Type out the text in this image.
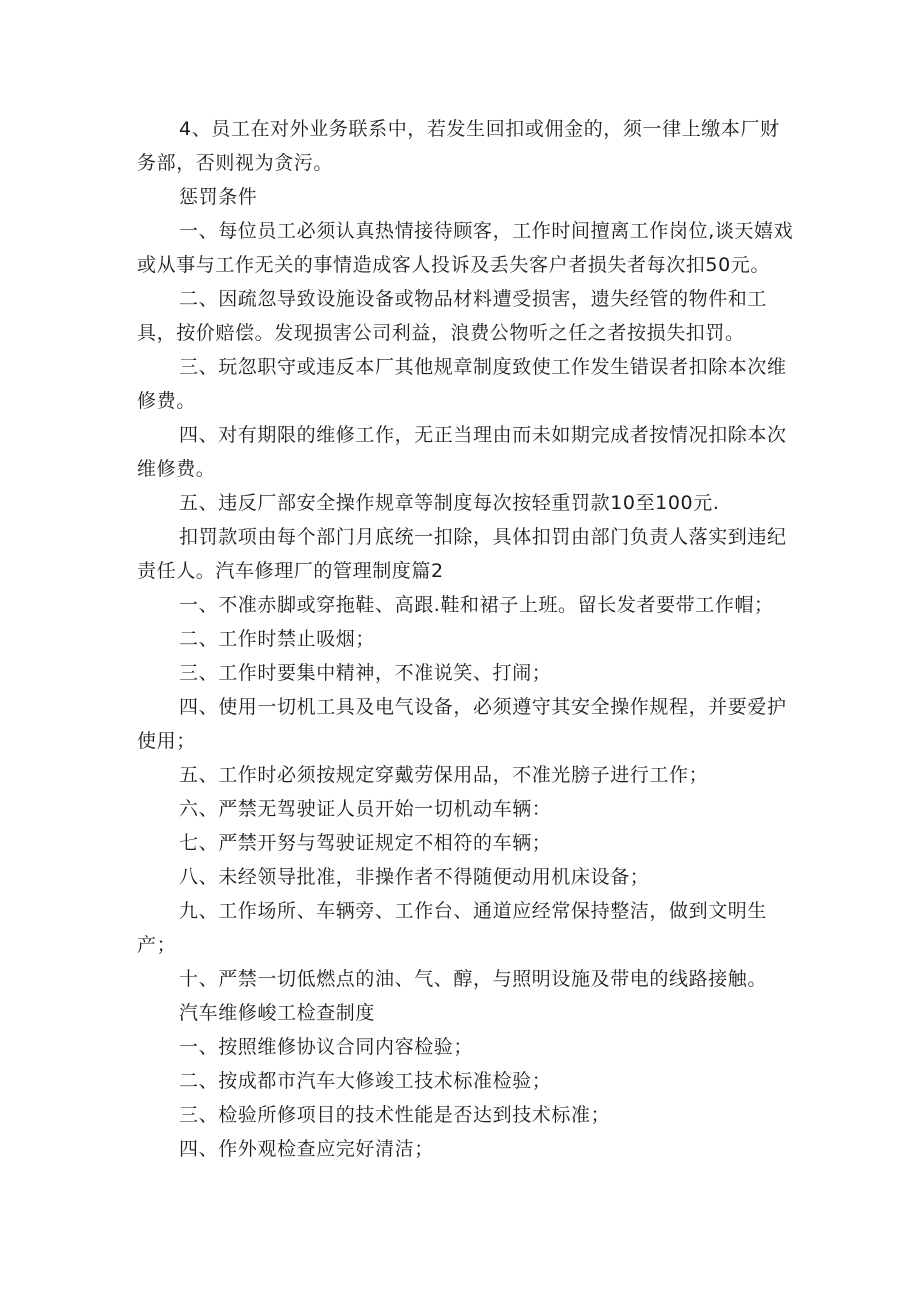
4、员工在对外业务联系中，若发生回扣或佣金的，须一律上缴本厂财务部，否则视为贪污。

惩罚条件

一、每位员工必须认真热情接待顾客，工作时间擅离工作岗位,谈天嬉戏或从事与工作无关的事情造成客人投诉及丢失客户者损失者每次扣50元。

二、因疏忽导致设施设备或物品材料遭受损害，遗失经管的物件和工具，按价赔偿。发现损害公司利益，浪费公物听之任之者按损失扣罚。

三、玩忽职守或违反本厂其他规章制度致使工作发生错误者扣除本次维修费。

四、对有期限的维修工作，无正当理由而未如期完成者按情况扣除本次维修费。

五、违反厂部安全操作规章等制度每次按轻重罚款10至100元.

扣罚款项由每个部门月底统一扣除，具体扣罚由部门负责人落实到违纪责任人。汽车修理厂的管理制度篇2

一、不准赤脚或穿拖鞋、高跟.鞋和裙子上班。留长发者要带工作帽；

二、工作时禁止吸烟；

三、工作时要集中精神，不准说笑、打闹；

四、使用一切机工具及电气设备，必须遵守其安全操作规程，并要爱护使用；

五、工作时必须按规定穿戴劳保用品，不准光膀子进行工作；

六、严禁无驾驶证人员开始一切机动车辆：

七、严禁开努与驾驶证规定不相符的车辆；

八、未经领导批准，非操作者不得随便动用机床设备；

九、工作场所、车辆旁、工作台、通道应经常保持整洁，做到文明生产；

十、严禁一切低燃点的油、气、醇，与照明设施及带电的线路接触。

汽车维修峻工检查制度

一、按照维修协议合同内容检验；

二、按成都市汽车大修竣工技术标准检验；

三、检验所修项目的技术性能是否达到技术标准；

四、作外观检查应完好清洁；
